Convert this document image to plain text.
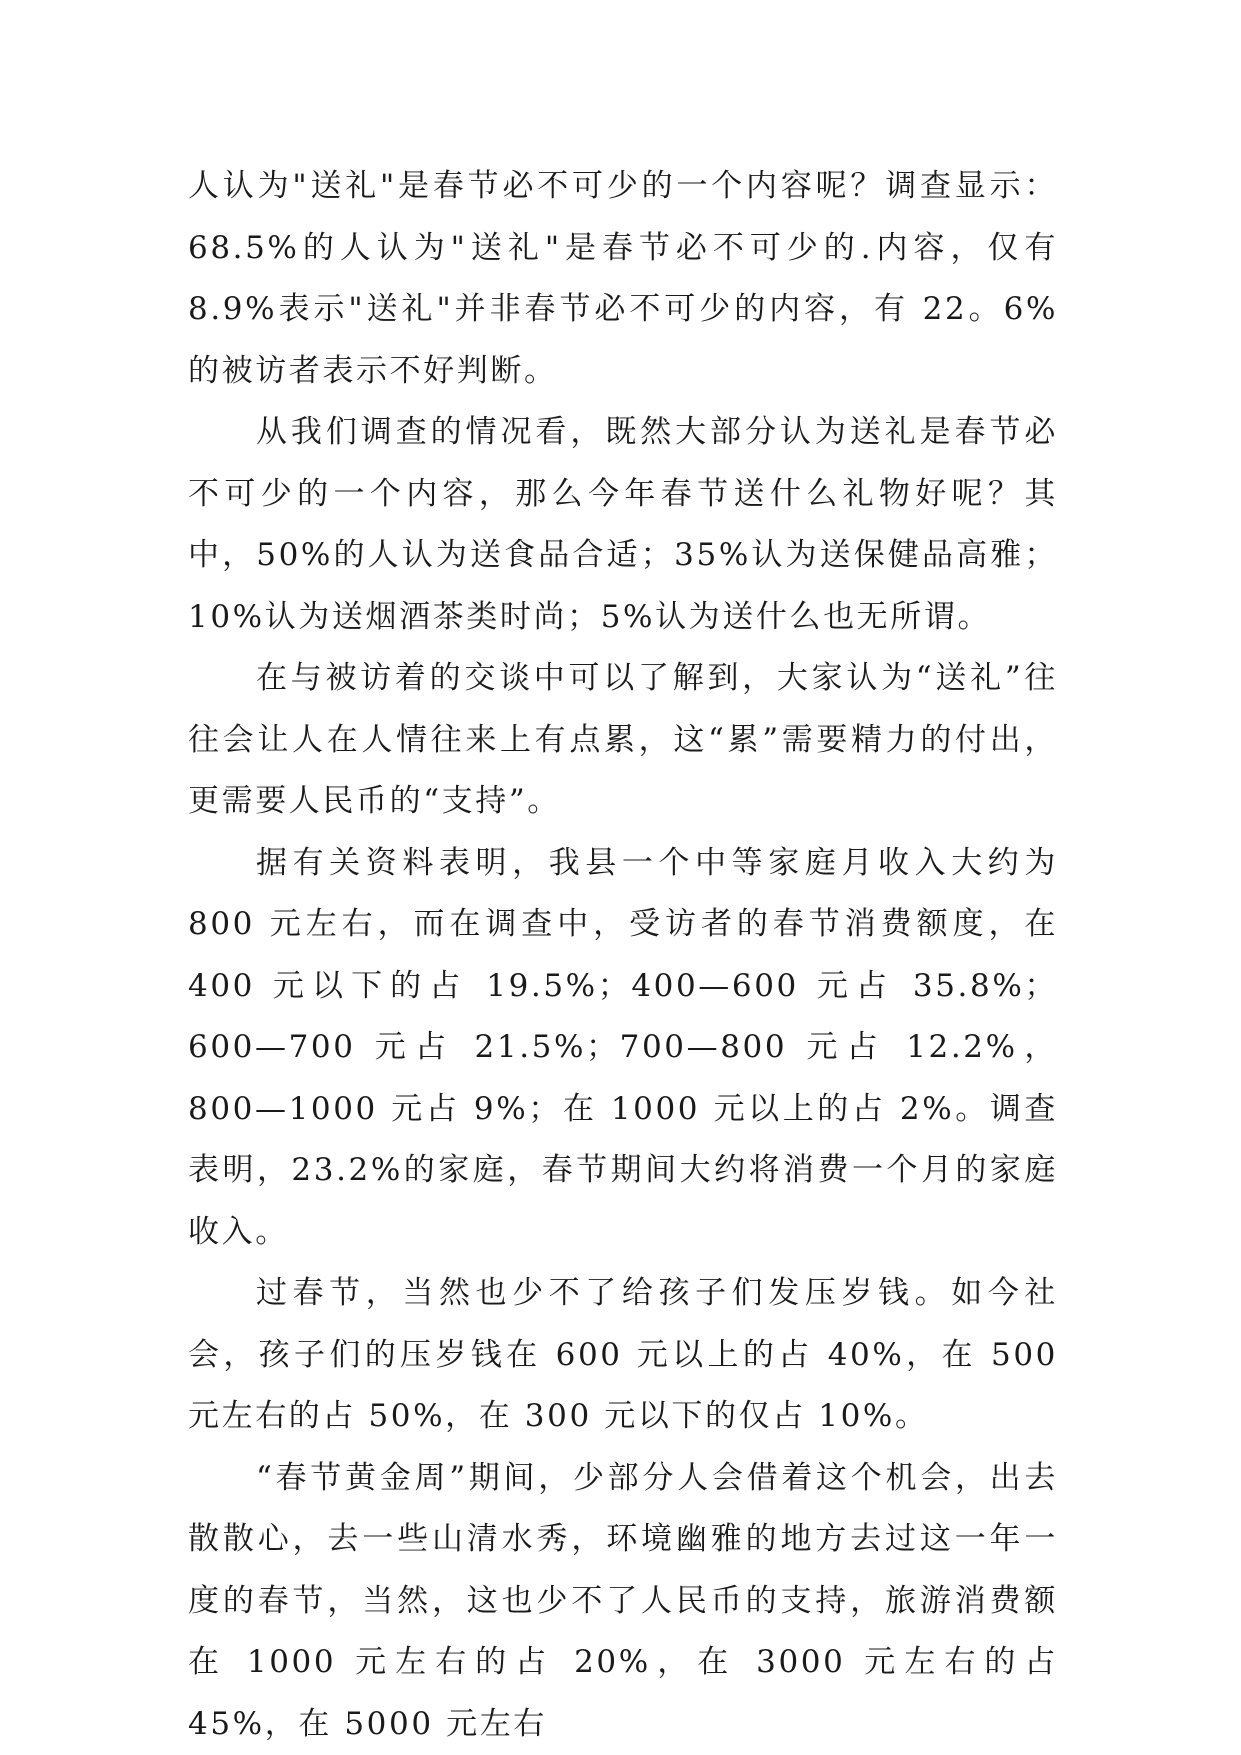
人认为"送礼"是春节必不可少的一个内容呢？调查显示：68.5%的人认为"送礼"是春节必不可少的.内容，仅有 8.9%表示"送礼"并非春节必不可少的内容，有 22。6%的被访者表示不好判断。

从我们调查的情况看，既然大部分认为送礼是春节必不可少的一个内容，那么今年春节送什么礼物好呢？其中，50%的人认为送食品合适；35%认为送保健品高雅；10%认为送烟酒茶类时尚；5%认为送什么也无所谓。

在与被访着的交谈中可以了解到，大家认为“送礼”往往会让人在人情往来上有点累，这“累”需要精力的付出，更需要人民币的“支持”。

据有关资料表明，我县一个中等家庭月收入大约为 800 元左右，而在调查中，受访者的春节消费额度，在 400 元以下的占 19.5%；400—600 元占 35.8%；600—700 元占 21.5%；700—800 元占 12.2%，800—1000 元占 9%；在 1000 元以上的占 2%。调查表明，23.2%的家庭，春节期间大约将消费一个月的家庭收入。

过春节，当然也少不了给孩子们发压岁钱。如今社会，孩子们的压岁钱在 600 元以上的占 40%，在 500 元左右的占 50%，在 300 元以下的仅占 10%。

“春节黄金周”期间，少部分人会借着这个机会，出去散散心，去一些山清水秀，环境幽雅的地方去过这一年一度的春节，当然，这也少不了人民币的支持，旅游消费额在 1000 元左右的占 20%，在 3000 元左右的占 45%，在 5000 元左右
